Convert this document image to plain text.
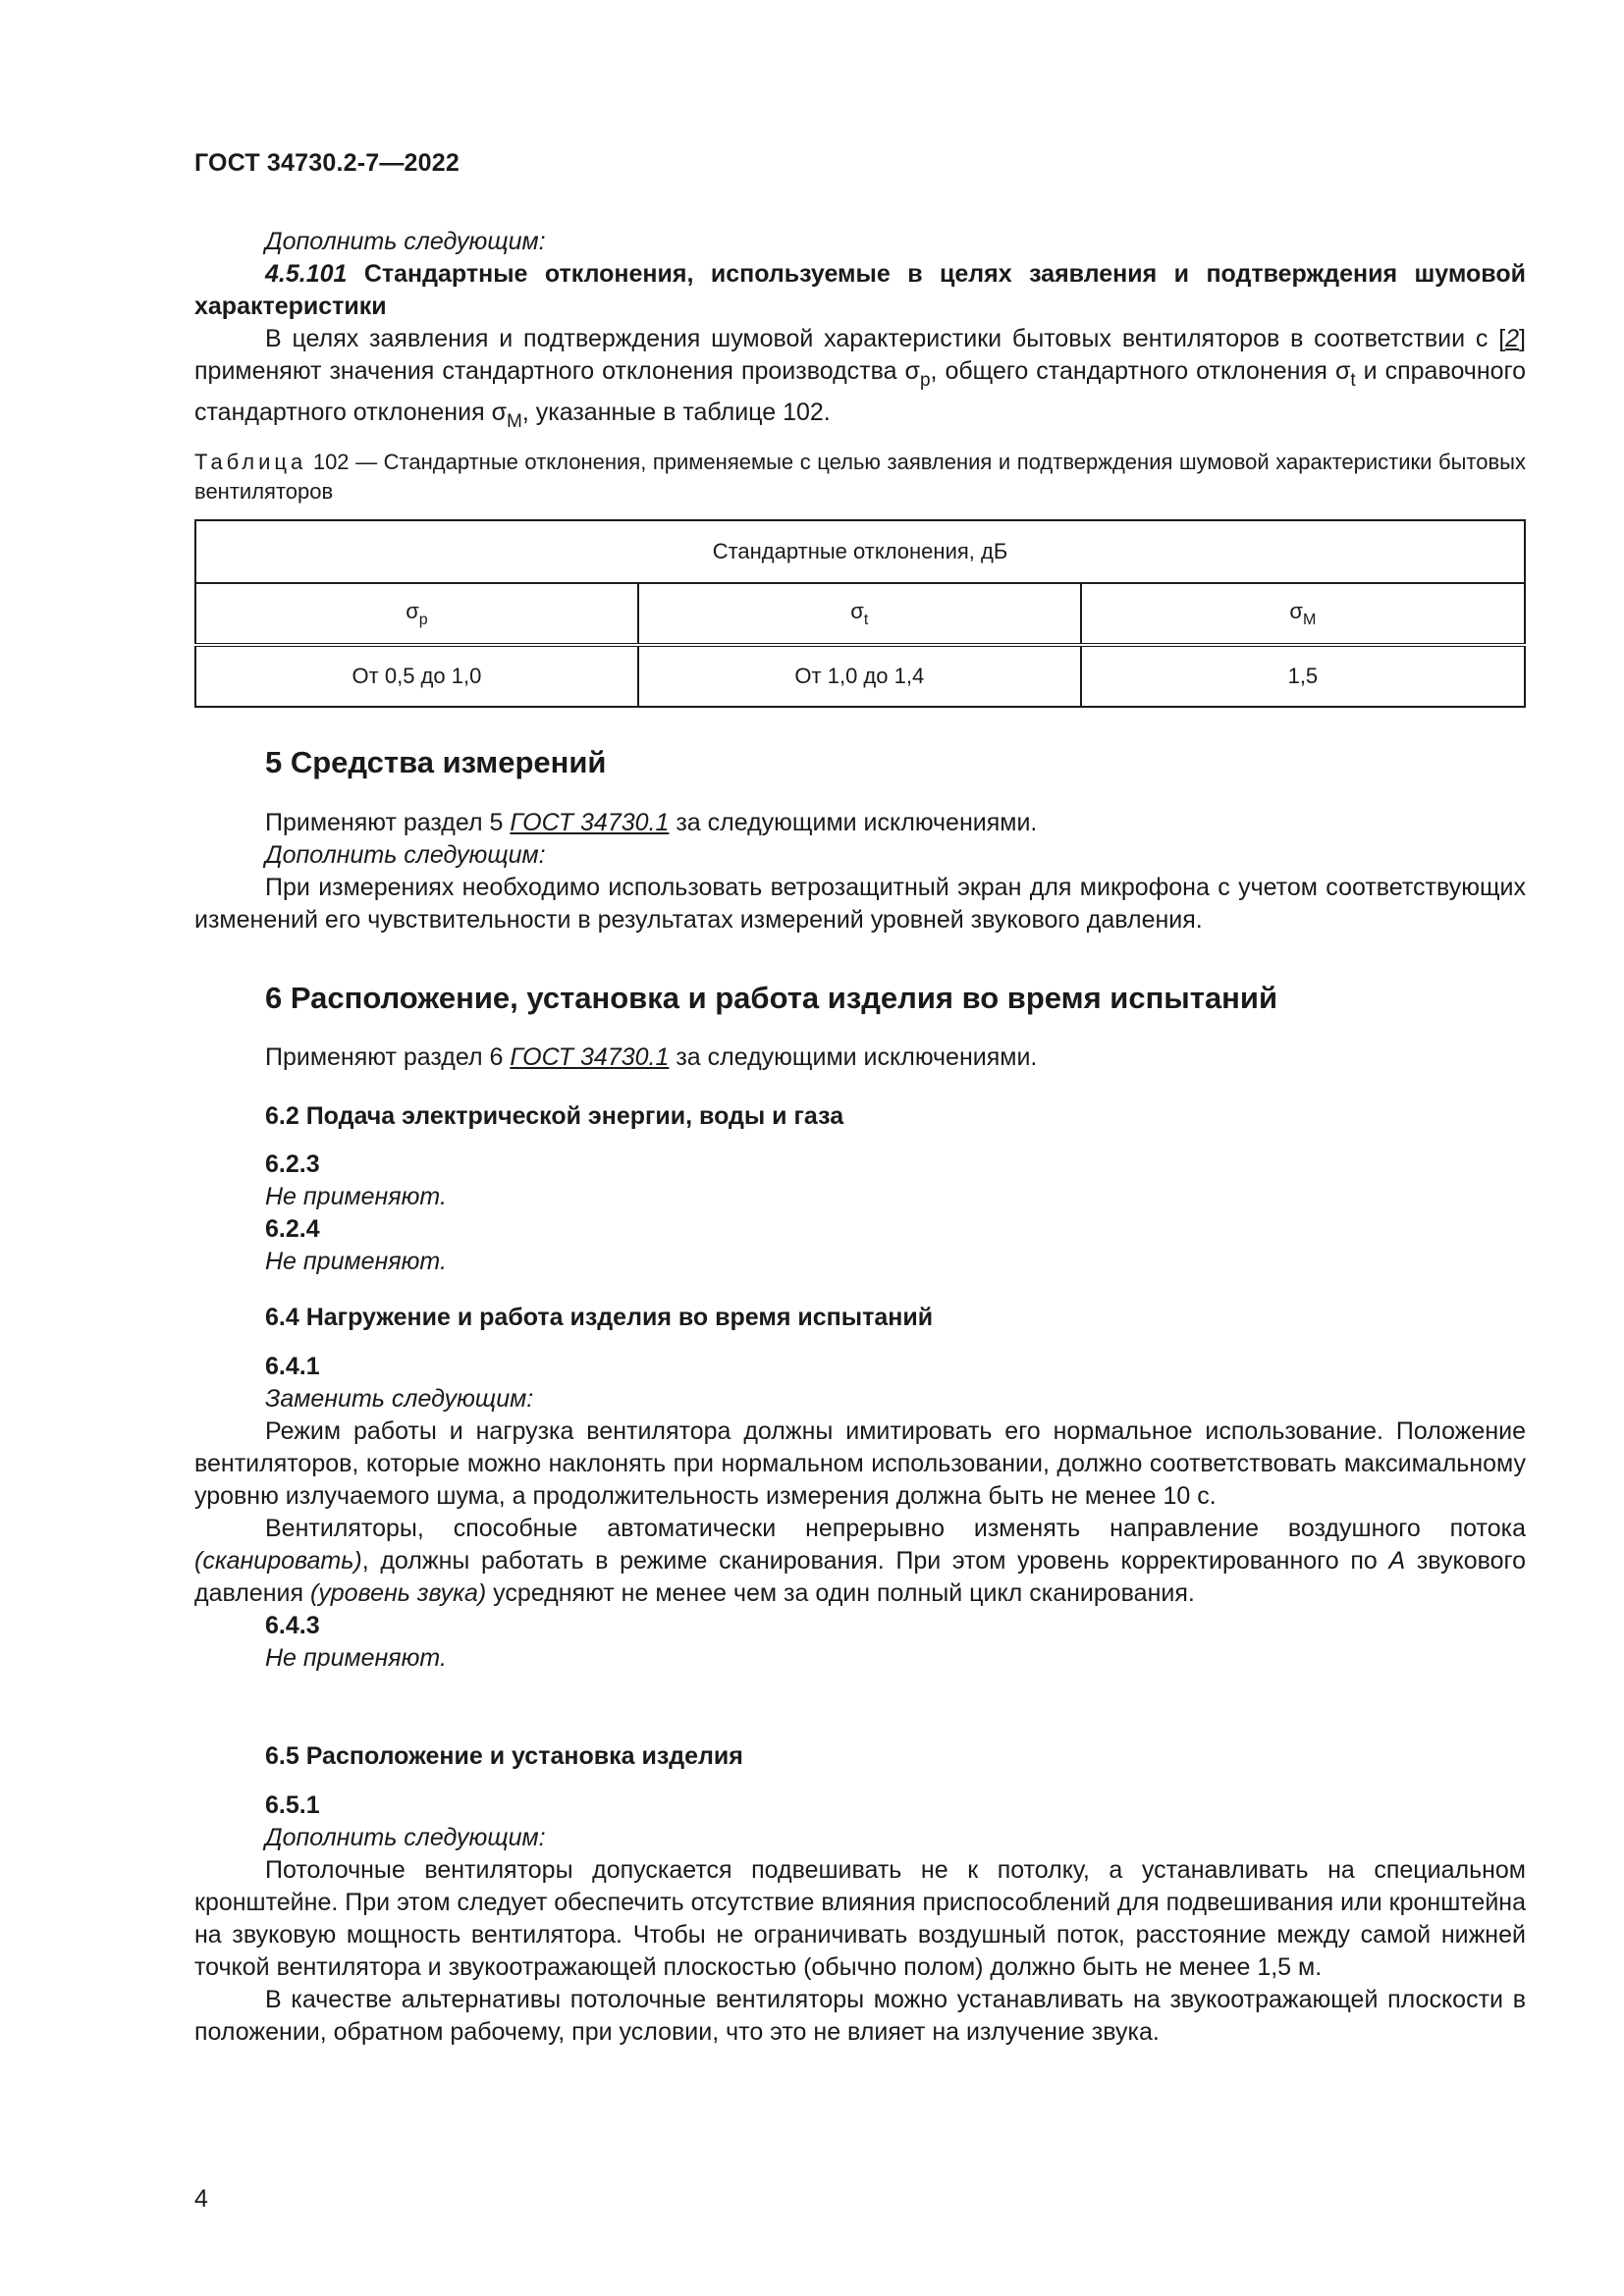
ГОСТ 34730.2-7—2022

Дополнить следующим:

4.5.101 Стандартные отклонения, используемые в целях заявления и подтверждения шумовой характеристики

В целях заявления и подтверждения шумовой характеристики бытовых вентиляторов в соответствии с [2] применяют значения стандартного отклонения производства $\sigma_p$, общего стандартного отклонения $\sigma_t$ и справочного стандартного отклонения $\sigma_М$, указанные в таблице 102.

Таблица 102 — Стандартные отклонения, применяемые с целью заявления и подтверждения шумовой характеристики бытовых вентиляторов
Стандартные отклонения, дБ		
$\sigma_p$	$\sigma_t$	$\sigma_М$
От 0,5 до 1,0	От 1,0 до 1,4	1,5

5 Средства измерений

Применяют раздел 5 ГОСТ 34730.1 за следующими исключениями.

Дополнить следующим:

При измерениях необходимо использовать ветрозащитный экран для микрофона с учетом соответствующих изменений его чувствительности в результатах измерений уровней звукового давления.

6 Расположение, установка и работа изделия во время испытаний

Применяют раздел 6 ГОСТ 34730.1 за следующими исключениями.

6.2 Подача электрической энергии, воды и газа

6.2.3

Не применяют.

6.2.4

Не применяют.

6.4 Нагружение и работа изделия во время испытаний

6.4.1

Заменить следующим:

Режим работы и нагрузка вентилятора должны имитировать его нормальное использование. Положение вентиляторов, которые можно наклонять при нормальном использовании, должно соответствовать максимальному уровню излучаемого шума, а продолжительность измерения должна быть не менее 10 с.

Вентиляторы, способные автоматически непрерывно изменять направление воздушного потока (сканировать), должны работать в режиме сканирования. При этом уровень корректированного по А звукового давления (уровень звука) усредняют не менее чем за один полный цикл сканирования.

6.4.3

Не применяют.

6.5 Расположение и установка изделия

6.5.1

Дополнить следующим:

Потолочные вентиляторы допускается подвешивать не к потолку, а устанавливать на специальном кронштейне. При этом следует обеспечить отсутствие влияния приспособлений для подвешивания или кронштейна на звуковую мощность вентилятора. Чтобы не ограничивать воздушный поток, расстояние между самой нижней точкой вентилятора и звукоотражающей плоскостью (обычно полом) должно быть не менее 1,5 м.

В качестве альтернативы потолочные вентиляторы можно устанавливать на звукоотражающей плоскости в положении, обратном рабочему, при условии, что это не влияет на излучение звука.

4
